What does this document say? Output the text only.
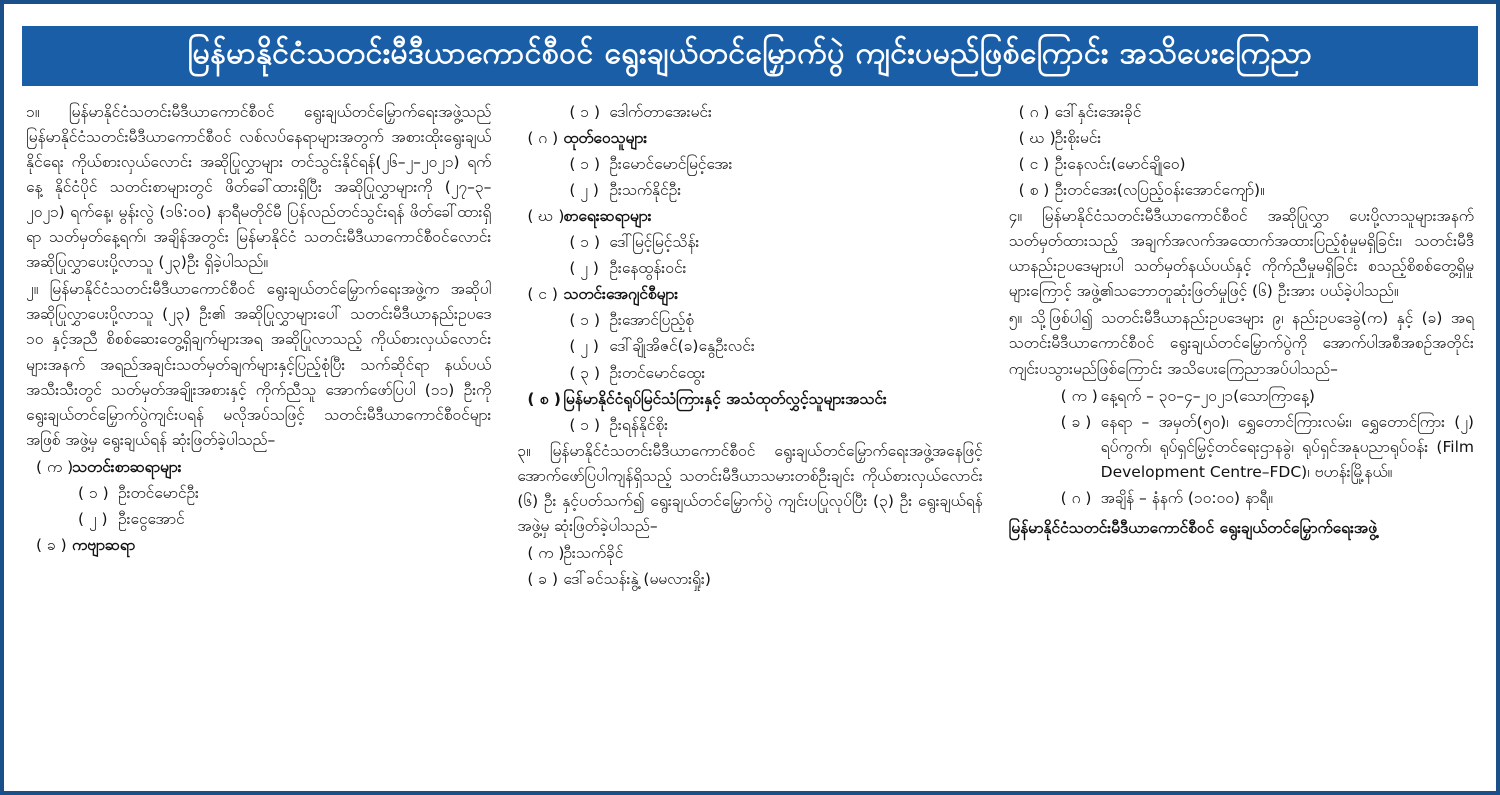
မြန်မာနိုင်ငံသတင်းမီဒီယာကောင်စီဝင် ရွေးချယ်တင်မြှောက်ပွဲ ကျင်းပမည်ဖြစ်ကြောင်း အသိပေးကြေညာ

၁။ မြန်မာနိုင်ငံသတင်းမီဒီယာကောင်စီဝင် ရွေးချယ်တင်မြှောက်ရေးအဖွဲ့သည် မြန်မာနိုင်ငံသတင်းမီဒီယာကောင်စီဝင် လစ်လပ်နေရာများအတွက် အစားထိုးရွေးချယ်နိုင်ရေး ကိုယ်စားလှယ်လောင်း အဆိုပြုလွှာများ တင်သွင်းနိုင်ရန်(၂၆–၂–၂၀၂၁) ရက်နေ့ နိုင်ငံပိုင် သတင်းစာများတွင် ဖိတ်ခေါ်ထားရှိပြီး အဆိုပြုလွှာများကို (၂၇–၃–၂၀၂၁) ရက်နေ့၊ မွန်းလွဲ (၁၆:၀၀) နာရီမတိုင်မီ ပြန်လည်တင်သွင်းရန် ဖိတ်ခေါ်ထားရှိရာ သတ်မှတ်နေ့ရက်၊ အချိန်အတွင်း မြန်မာနိုင်ငံ သတင်းမီဒီယာကောင်စီဝင်လောင်း အဆိုပြုလွှာပေးပို့လာသူ (၂၃)ဦး ရှိခဲ့ပါသည်။

၂။ မြန်မာနိုင်ငံသတင်းမီဒီယာကောင်စီဝင် ရွေးချယ်တင်မြှောက်ရေးအဖွဲ့က အဆိုပါ အဆိုပြုလွှာပေးပို့လာသူ (၂၃) ဦး၏ အဆိုပြုလွှာများပေါ် သတင်းမီဒီယာနည်းဥပဒေ ၁၀ နှင့်အညီ စိစစ်ဆေးတွေ့ရှိချက်များအရ အဆိုပြုလာသည့် ကိုယ်စားလှယ်လောင်းများအနက် အရည်အချင်းသတ်မှတ်ချက်များနှင့်ပြည့်စုံပြီး သက်ဆိုင်ရာ နယ်ပယ်အသီးသီးတွင် သတ်မှတ်အချိုးအစားနှင့် ကိုက်ညီသူ အောက်ဖော်ပြပါ (၁၁) ဦးကို ရွေးချယ်တင်မြှောက်ပွဲကျင်းပရန် မလိုအပ်သဖြင့် သတင်းမီဒီယာကောင်စီဝင်များအဖြစ် အဖွဲ့မှ ရွေးချယ်ရန် ဆုံးဖြတ်ခဲ့ပါသည်–

( က )
သတင်းစာဆရာများ
( ၁ ) ဦးတင်မောင်ဦး
( ၂ ) ဦးငွေအောင်
( ခ ) ကဗျာဆရာ
( ၁ ) ဒေါက်တာအေးမင်း
( ဂ ) ထုတ်ဝေသူများ
( ၁ ) ဦးမောင်မောင်မြင့်အေး
( ၂ ) ဦးသက်နိုင်ဦး
( ဃ )
စာရေးဆရာများ
( ၁ ) ဒေါ်မြင့်မြင့်သိန်း
( ၂ ) ဦးနေထွန်းဝင်း
( င ) သတင်းအေဂျင်စီများ
( ၁ ) ဦးအောင်ပြည့်စုံ
( ၂ ) ဒေါ်ချိုအိဇင်(ခ)နွေဦးလင်း
( ၃ ) ဦးတင်မောင်ထွေး
( စ ) မြန်မာနိုင်ငံရုပ်မြင်သံကြားနှင့် အသံထုတ်လွှင့်သူများအသင်း
( ၁ ) ဦးရန်နိုင်စိုး

၃။ မြန်မာနိုင်ငံသတင်းမီဒီယာကောင်စီဝင် ရွေးချယ်တင်မြှောက်ရေးအဖွဲ့အနေဖြင့် အောက်ဖော်ပြပါကျန်ရှိသည့် သတင်းမီဒီယာသမားတစ်ဦးချင်း ကိုယ်စားလှယ်လောင်း (၆) ဦး နှင့်ပတ်သက်၍ ရွေးချယ်တင်မြှောက်ပွဲ ကျင်းပပြုလုပ်ပြီး (၃) ဦး ရွေးချယ်ရန် အဖွဲ့မှ ဆုံးဖြတ်ခဲ့ပါသည်–

( က )
ဦးသက်ခိုင်
( ခ ) ဒေါ်ခင်သန်းနွဲ့ (မမလားရှိုး)
( ဂ ) ဒေါ်နှင်းအေးခိုင်
( ဃ )
ဦးစိုးမင်း
( င ) ဦးနေလင်း(မောင်ချိုဝေ)
( စ ) ဦးတင်အေး(လပြည့်ဝန်းအောင်ကျော်)။

၄။ မြန်မာနိုင်ငံသတင်းမီဒီယာကောင်စီဝင် အဆိုပြုလွှာ ပေးပို့လာသူများအနက် သတ်မှတ်ထားသည့် အချက်အလက်အထောက်အထားပြည့်စုံမှုမရှိခြင်း၊ သတင်းမီဒီယာနည်းဥပဒေများပါ သတ်မှတ်နယ်ပယ်နှင့် ကိုက်ညီမှုမရှိခြင်း စသည့်စိစစ်တွေ့ရှိမှုများကြောင့် အဖွဲ့၏သဘောတူဆုံးဖြတ်မှုဖြင့် (၆) ဦးအား ပယ်ခဲ့ပါသည်။

၅။ သို့ဖြစ်ပါ၍ သတင်းမီဒီယာနည်းဥပဒေများ ၉၊ နည်းဥပဒေခွဲ(က) နှင့် (ခ) အရ သတင်းမီဒီယာကောင်စီဝင် ရွေးချယ်တင်မြှောက်ပွဲကို အောက်ပါအစီအစဉ်အတိုင်း ကျင်းပသွားမည်ဖြစ်ကြောင်း အသိပေးကြေညာအပ်ပါသည်–

( က ) နေ့ရက် – ၃၀–၄–၂၀၂၁(သောကြာနေ့)
( ခ ) နေရာ – အမှတ်(၅၀)၊ ရွှေတောင်ကြားလမ်း၊ ရွှေတောင်ကြား (၂) ရပ်ကွက်၊ ရုပ်ရှင်မြှင့်တင်ရေးဌာနခွဲ၊ ရုပ်ရှင်အနုပညာရုပ်ဝန်း (Film Development Centre–FDC)၊ ဗဟန်းမြို့နယ်။
( ဂ ) အချိန် – နံနက် (၁၀:၀၀) နာရီ။
မြန်မာနိုင်ငံသတင်းမီဒီယာကောင်စီဝင် ရွေးချယ်တင်မြှောက်ရေးအဖွဲ့
